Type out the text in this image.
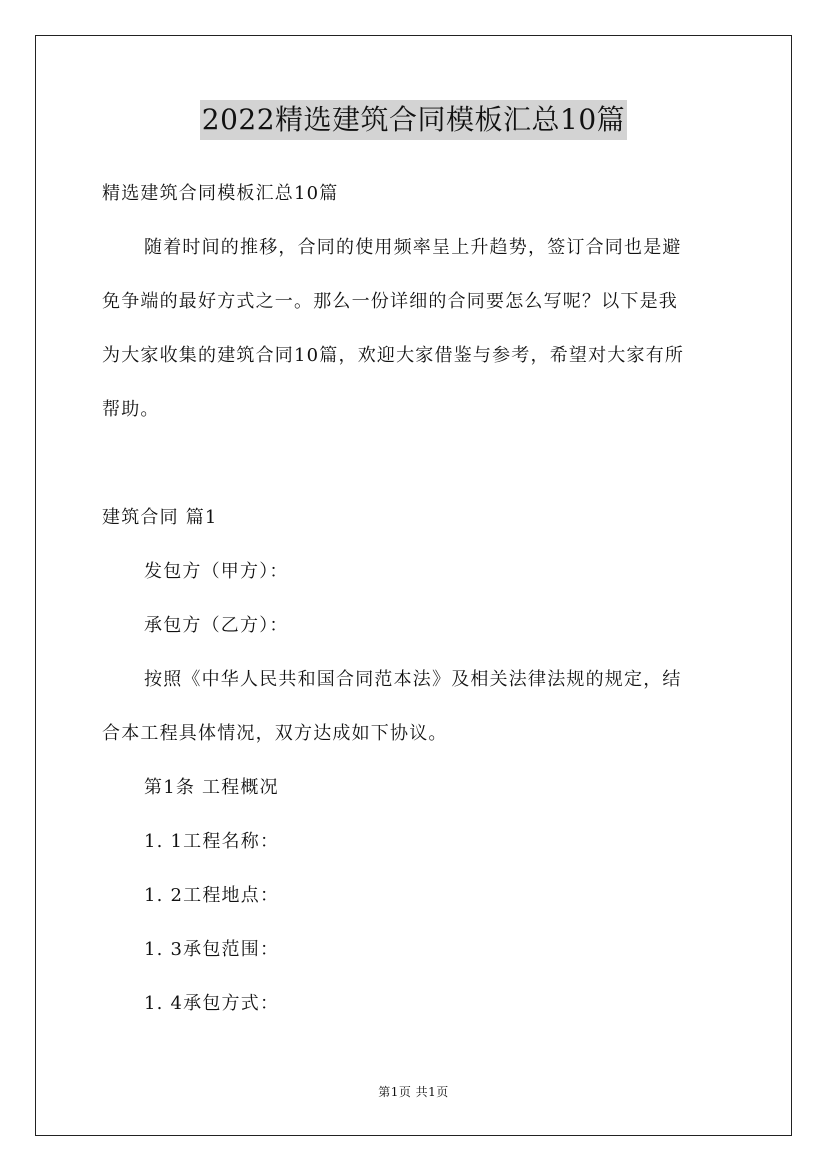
2022精选建筑合同模板汇总10篇
精选建筑合同模板汇总10篇
随着时间的推移，合同的使用频率呈上升趋势，签订合同也是避
免争端的最好方式之一。那么一份详细的合同要怎么写呢？以下是我
为大家收集的建筑合同10篇，欢迎大家借鉴与参考，希望对大家有所
帮助。
建筑合同 篇1
发包方（甲方）：
承包方（乙方）：
按照《中华人民共和国合同范本法》及相关法律法规的规定，结
合本工程具体情况，双方达成如下协议。
第1条 工程概况
1. 1工程名称：
1. 2工程地点：
1. 3承包范围：
1. 4承包方式：
第1页 共1页
